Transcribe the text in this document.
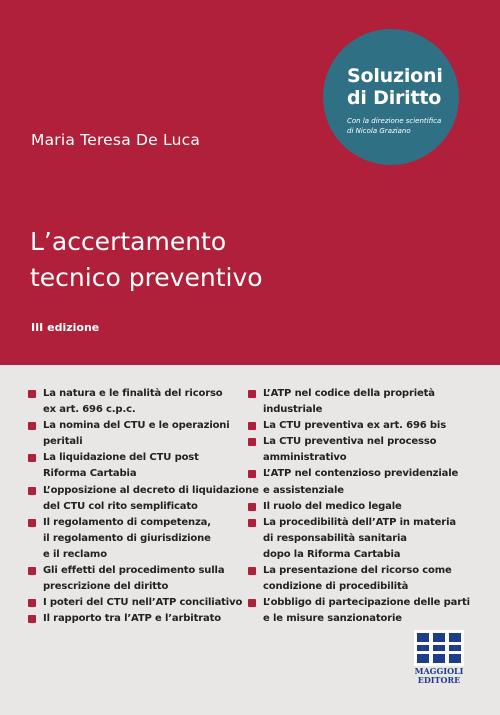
Soluzioni
di Diritto
Con la direzione scientifica
di Nicola Graziano
Maria Teresa De Luca
L’accertamento
tecnico preventivo
III edizione
La natura e le finalità del ricorso
ex art. 696 c.p.c.
La nomina del CTU e le operazioni
peritali
La liquidazione del CTU post
Riforma Cartabia
L’opposizione al decreto di liquidazione
del CTU col rito semplificato
Il regolamento di competenza,
il regolamento di giurisdizione
e il reclamo
Gli effetti del procedimento sulla
prescrizione del diritto
I poteri del CTU nell’ATP conciliativo
Il rapporto tra l’ATP e l’arbitrato
L’ATP nel codice della proprietà
industriale
La CTU preventiva ex art. 696 bis
La CTU preventiva nel processo
amministrativo
L’ATP nel contenzioso previdenziale
e assistenziale
Il ruolo del medico legale
La procedibilità dell’ATP in materia
di responsabilità sanitaria
dopo la Riforma Cartabia
La presentazione del ricorso come
condizione di procedibilità
L’obbligo di partecipazione delle parti
e le misure sanzionatorie
MAGGIOLI
EDITORE
